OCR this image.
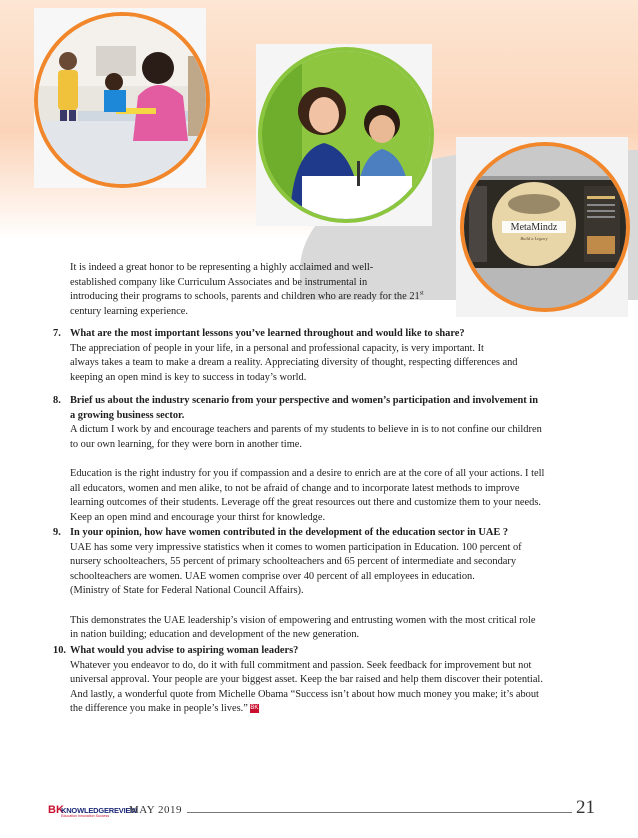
MetaMindz
Build a Legacy

It is indeed a great honor to be representing a highly acclaimed and well-

established company like Curriculum Associates and be instrumental in

introducing their programs to schools, parents and children who are ready for the 21st

century learning experience.

7. What are the most important lessons you’ve learned throughout and would like to share?

The appreciation of people in your life, in a personal and professional capacity, is very important. It

always takes a team to make a dream a reality. Appreciating diversity of thought, respecting differences and

keeping an open mind is key to success in today’s world.

8. Brief us about the industry scenario from your perspective and women’s participation and involvement in

a growing business sector.

A dictum I work by and encourage teachers and parents of my students to believe in is to not confine our children

to our own learning, for they were born in another time.

Education is the right industry for you if compassion and a desire to enrich are at the core of all your actions. I tell

all educators, women and men alike, to not be afraid of change and to incorporate latest methods to improve

learning outcomes of their students. Leverage off the great resources out there and customize them to your needs.

Keep an open mind and encourage your thirst for knowledge.

9. In your opinion, how have women contributed in the development of the education sector in UAE ?

UAE has some very impressive statistics when it comes to women participation in Education. 100 percent of

nursery schoolteachers, 55 percent of primary schoolteachers and 65 percent of intermediate and secondary

schoolteachers are women. UAE women comprise over 40 percent of all employees in education.

(Ministry of State for Federal National Council Affairs).

This demonstrates the UAE leadership’s vision of empowering and entrusting women with the most critical role

in nation building; education and development of the new generation.

10. What would you advise to aspiring woman leaders?

Whatever you endeavor to do, do it with full commitment and passion. Seek feedback for improvement but not

universal approval. Your people are your biggest asset. Keep the bar raised and help them discover their potential.

And lastly, a wonderful quote from Michelle Obama “Success isn’t about how much money you make; it’s about

the difference you make in people’s lives.” BK

BK
KNOWLEDGEREVIEW
Education Innovation Success MAY 2019	21
